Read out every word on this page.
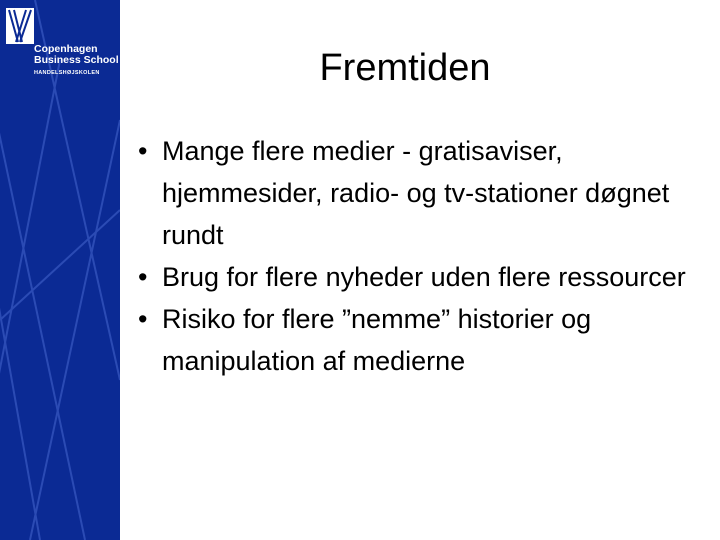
Copenhagen
Business School
HANDELSHØJSKOLEN	Fremtiden
• Mange flere medier - gratisaviser, hjemmesider, radio- og tv-stationer døgnet rundt
• Brug for flere nyheder uden flere ressourcer
• Risiko for flere ”nemme” historier og manipulation af medierne
